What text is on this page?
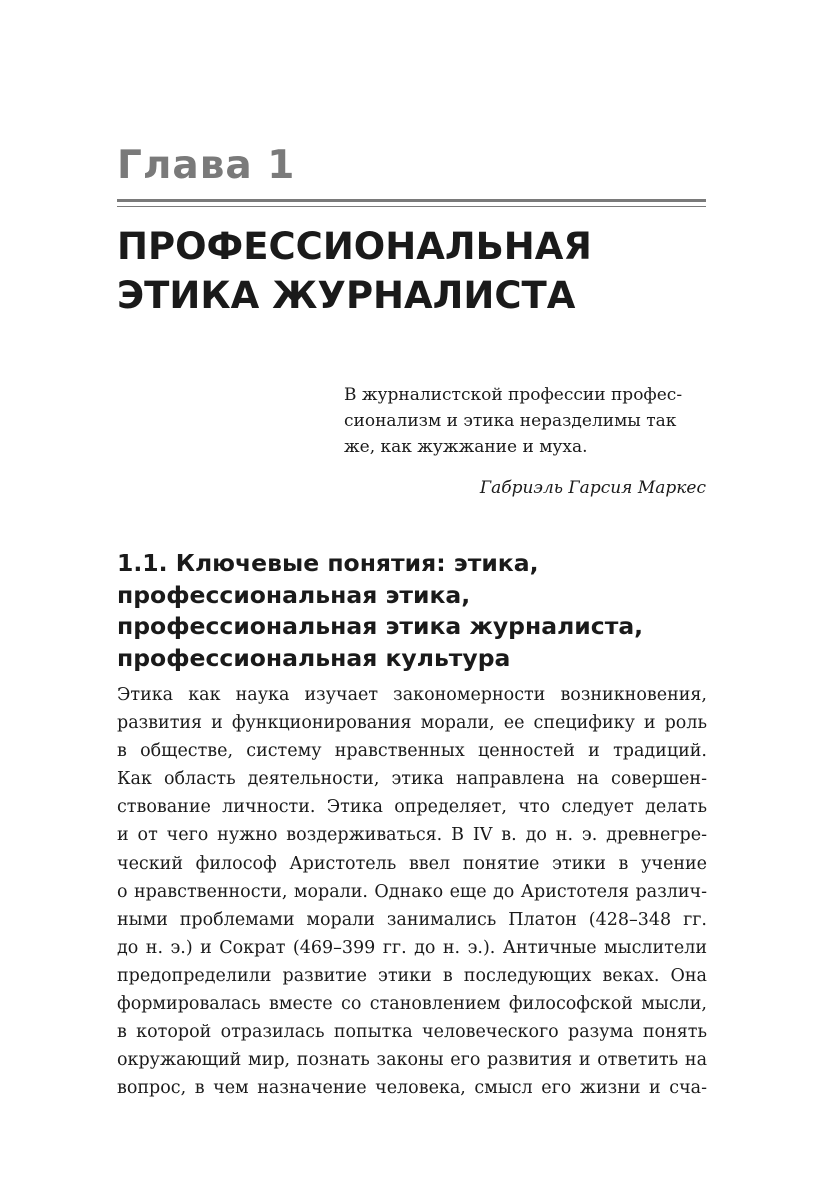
Глава 1
ПРОФЕССИОНАЛЬНАЯ
ЭТИКА ЖУРНАЛИСТА
В журналистской профессии профес-
сионализм и этика неразделимы так
же, как жужжание и муха.
Габриэль Гарсия Маркес
1.1. Ключевые понятия: этика,
профессиональная этика,
профессиональная этика журналиста,
профессиональная культура
Этика как наука изучает закономерности возникновения,
развития и функционирования морали, ее специфику и роль
в обществе, систему нравственных ценностей и традиций.
Как область деятельности, этика направлена на совершен-
ствование личности. Этика определяет, что следует делать
и от чего нужно воздерживаться. В IV в. до н. э. древнегре-
ческий философ Аристотель ввел понятие этики в учение
о нравственности, морали. Однако еще до Аристотеля различ-
ными проблемами морали занимались Платон (428–348 гг.
до н. э.) и Сократ (469–399 гг. до н. э.). Античные мыслители
предопределили развитие этики в последующих веках. Она
формировалась вместе со становлением философской мысли,
в которой отразилась попытка человеческого разума понять
окружающий мир, познать законы его развития и ответить на
вопрос, в чем назначение человека, смысл его жизни и сча-
